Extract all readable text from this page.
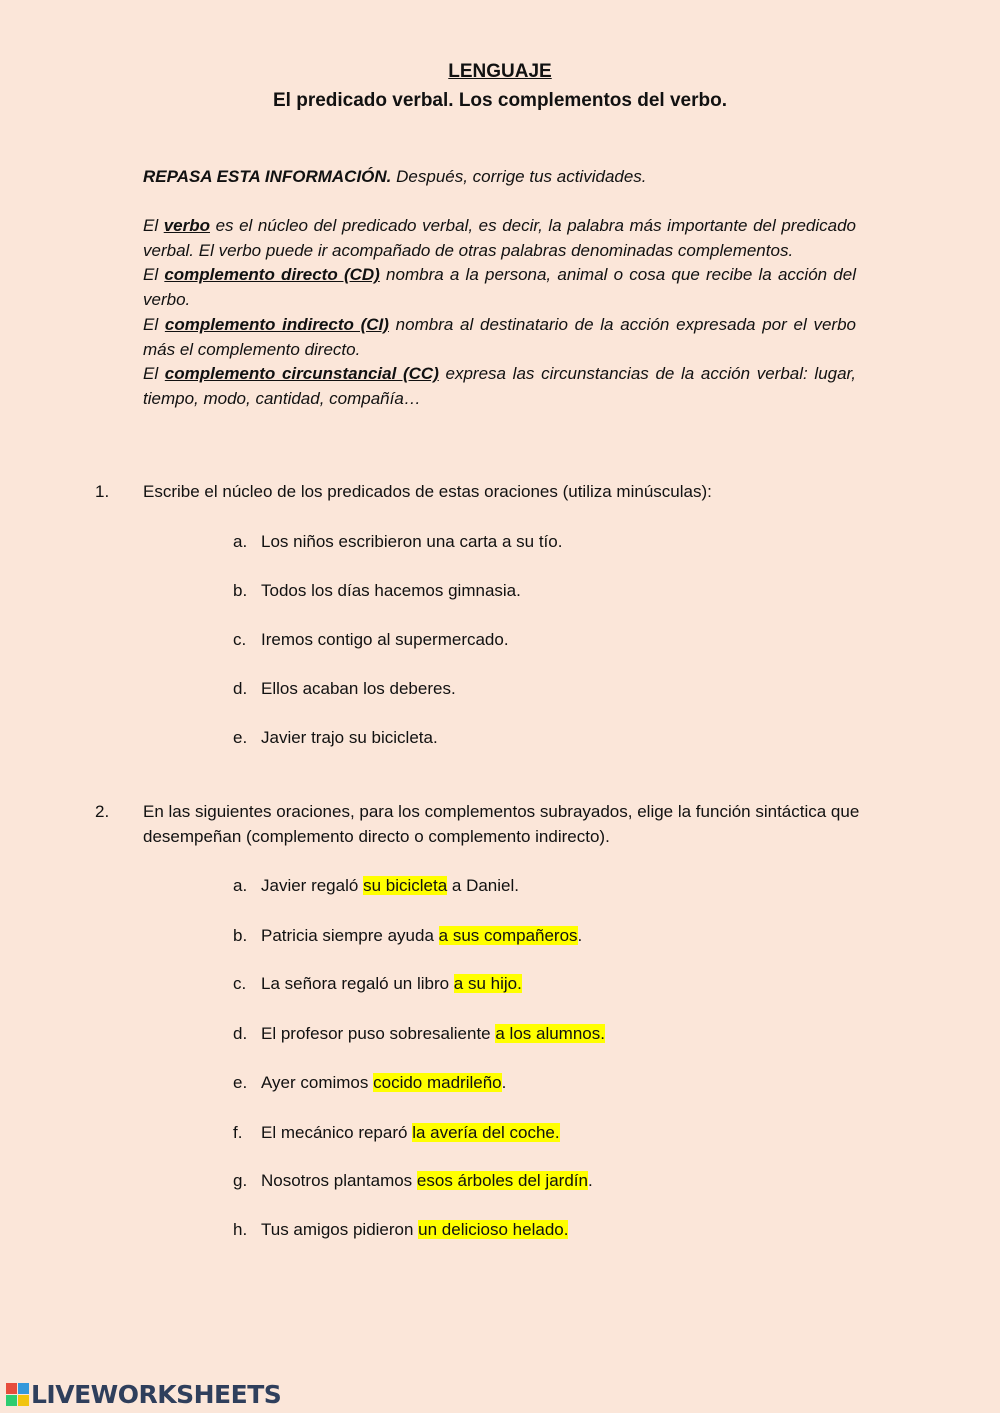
LENGUAJE
El predicado verbal. Los complementos del verbo.
REPASA ESTA INFORMACIÓN. Después, corrige tus actividades.

El verbo es el núcleo del predicado verbal, es decir, la palabra más importante del predicado verbal. El verbo puede ir acompañado de otras palabras denominadas complementos.

El complemento directo (CD) nombra a la persona, animal o cosa que recibe la acción del verbo.

El complemento indirecto (CI) nombra al destinatario de la acción expresada por el verbo más el complemento directo.

El complemento circunstancial (CC) expresa las circunstancias de la acción verbal: lugar, tiempo, modo, cantidad, compañía…

1. Escribe el núcleo de los predicados de estas oraciones (utiliza minúsculas):
a. Los niños escribieron una carta a su tío.
b. Todos los días hacemos gimnasia.
c. Iremos contigo al supermercado.
d. Ellos acaban los deberes.
e. Javier trajo su bicicleta.
2. En las siguientes oraciones, para los complementos subrayados, elige la función sintáctica que desempeñan (complemento directo o complemento indirecto).
a. Javier regaló su bicicleta a Daniel.
b. Patricia siempre ayuda a sus compañeros.
c. La señora regaló un libro a su hijo.
d. El profesor puso sobresaliente a los alumnos.
e. Ayer comimos cocido madrileño.
f. El mecánico reparó la avería del coche.
g. Nosotros plantamos esos árboles del jardín.
h. Tus amigos pidieron un delicioso helado.
LIVEWORKSHEETS
